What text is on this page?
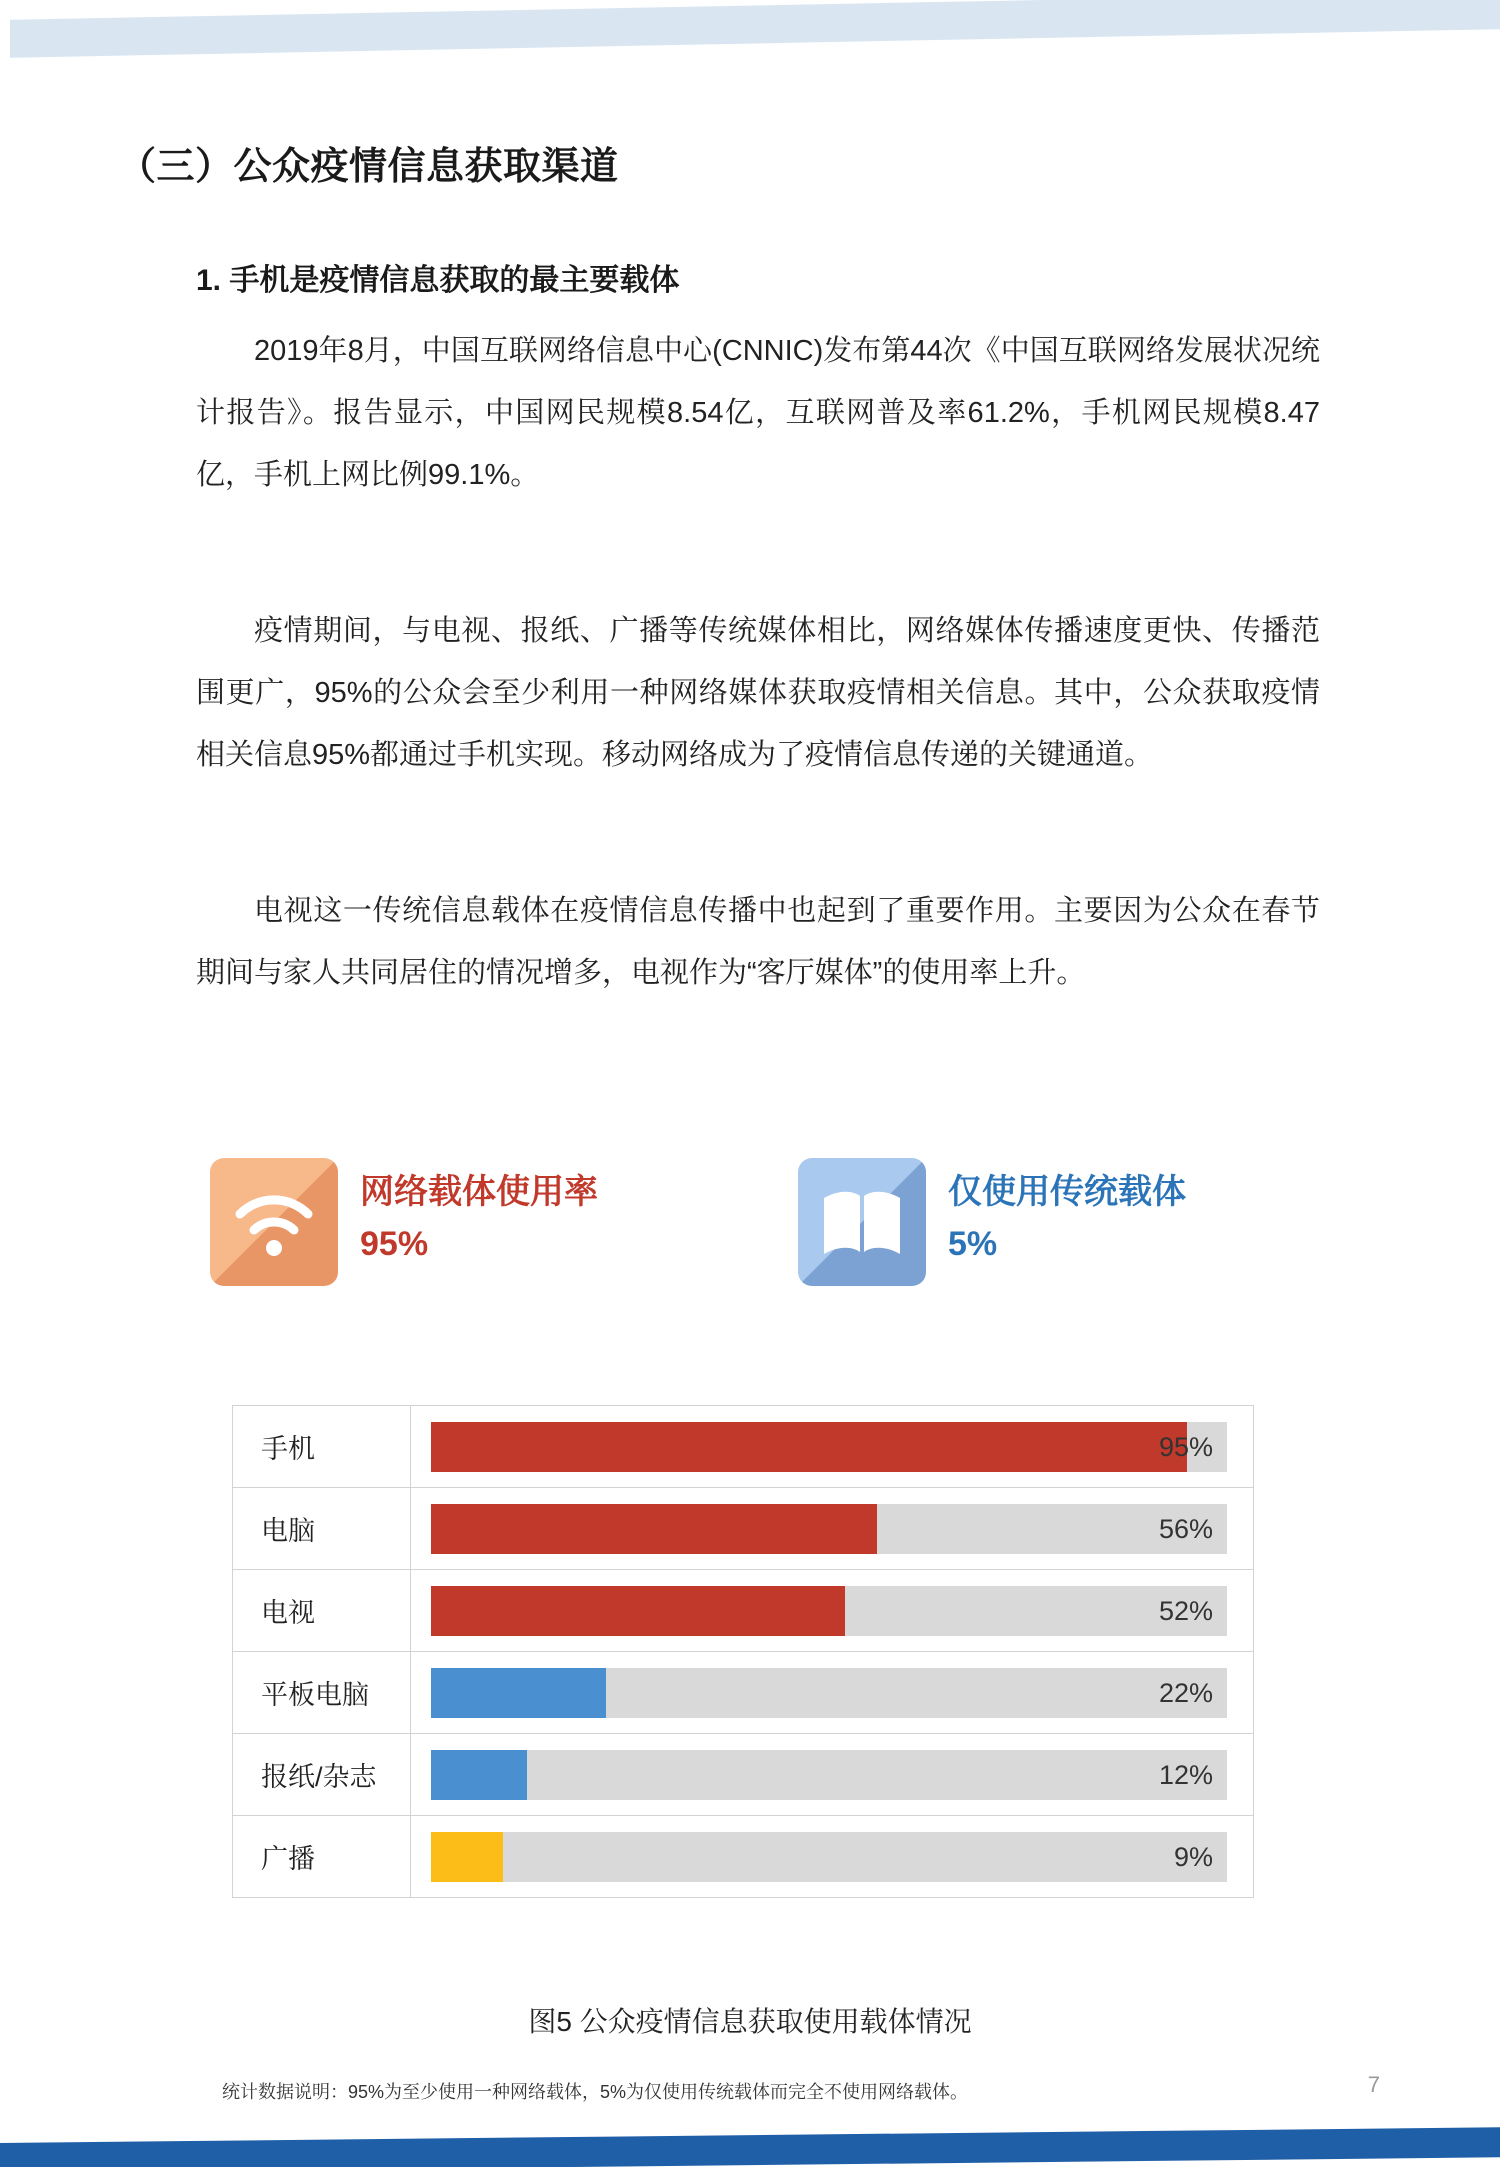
（三）公众疫情信息获取渠道
1. 手机是疫情信息获取的最主要载体
2019年8月，中国互联网络信息中心(CNNIC)发布第44次《中国互联网络发展状况统计报告》。报告显示，中国网民规模8.54亿，互联网普及率61.2%，手机网民规模8.47亿，手机上网比例99.1%。
疫情期间，与电视、报纸、广播等传统媒体相比，网络媒体传播速度更快、传播范围更广，95%的公众会至少利用一种网络媒体获取疫情相关信息。其中，公众获取疫情相关信息95%都通过手机实现。移动网络成为了疫情信息传递的关键通道。
电视这一传统信息载体在疫情信息传播中也起到了重要作用。主要因为公众在春节期间与家人共同居住的情况增多，电视作为“客厅媒体”的使用率上升。
网络载体使用率
95%
仅使用传统载体
5%
手机	95%
电脑	56%
电视	52%
平板电脑	22%
报纸/杂志	12%
广播	9%
图5 公众疫情信息获取使用载体情况
统计数据说明：95%为至少使用一种网络载体，5%为仅使用传统载体而完全不使用网络载体。	7
